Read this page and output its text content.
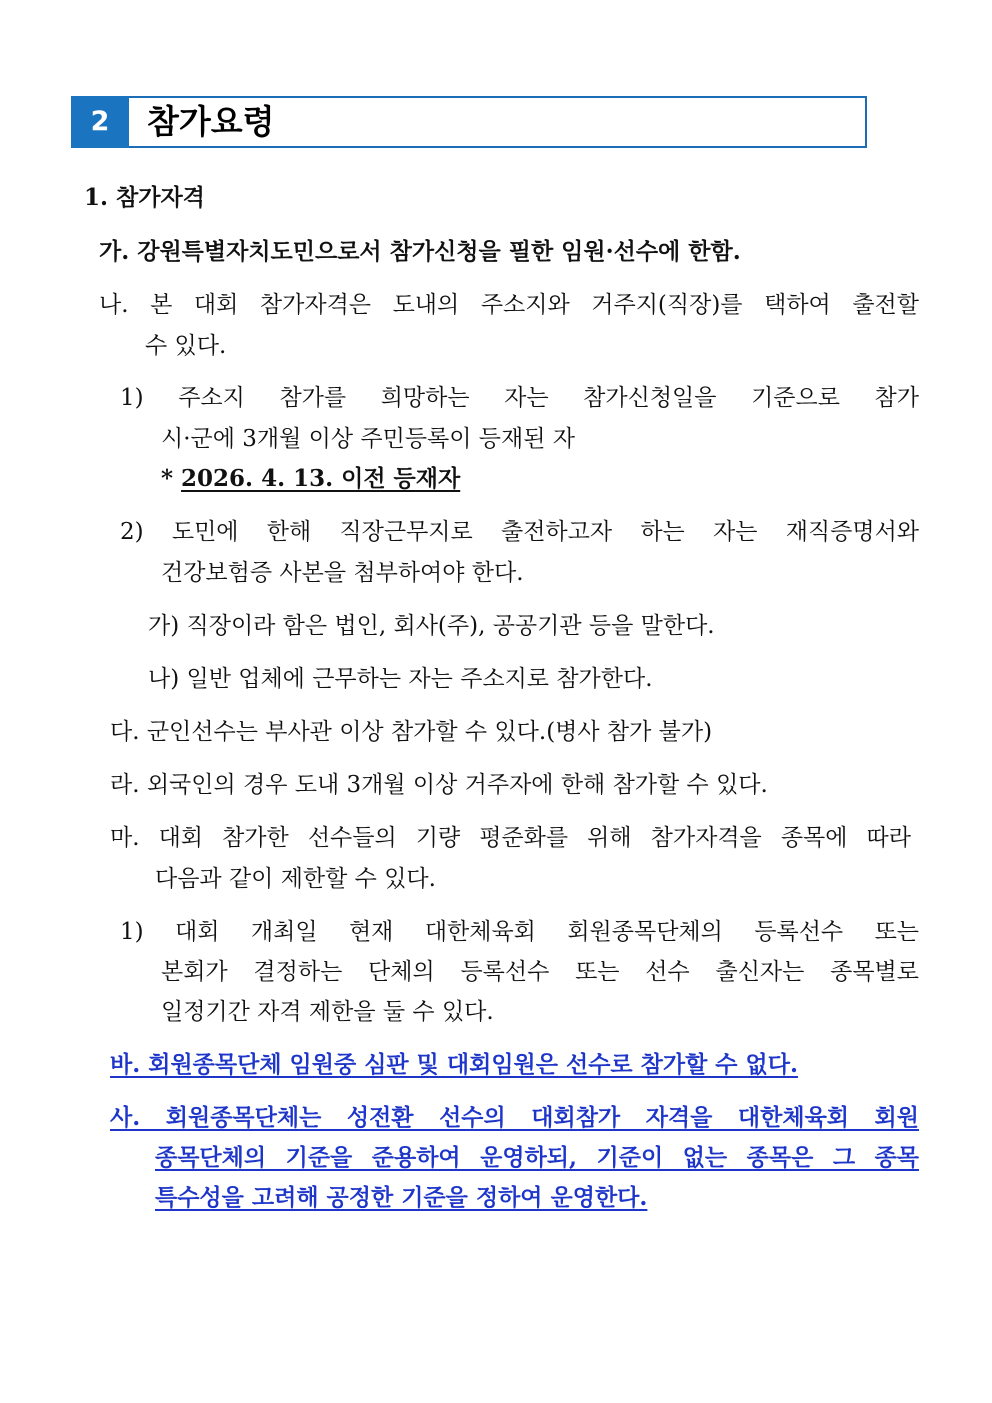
2	참가요령
1. 참가자격
가. 강원특별자치도민으로서 참가신청을 필한 임원·선수에 한함.
나. 본 대회 참가자격은 도내의 주소지와 거주지(직장)를 택하여 출전할
수 있다.
1) 주소지 참가를 희망하는 자는 참가신청일을 기준으로 참가
시·군에 3개월 이상 주민등록이 등재된 자
* 2026. 4. 13. 이전 등재자
2) 도민에 한해 직장근무지로 출전하고자 하는 자는 재직증명서와
건강보험증 사본을 첨부하여야 한다.
가) 직장이라 함은 법인, 회사(주), 공공기관 등을 말한다.
나) 일반 업체에 근무하는 자는 주소지로 참가한다.
다. 군인선수는 부사관 이상 참가할 수 있다.(병사 참가 불가)
라. 외국인의 경우 도내 3개월 이상 거주자에 한해 참가할 수 있다.
마. 대회 참가한 선수들의 기량 평준화를 위해 참가자격을 종목에 따라
다음과 같이 제한할 수 있다.
1) 대회 개최일 현재 대한체육회 회원종목단체의 등록선수 또는
본회가 결정하는 단체의 등록선수 또는 선수 출신자는 종목별로
일정기간 자격 제한을 둘 수 있다.
바. 회원종목단체 임원중 심판 및 대회임원은 선수로 참가할 수 없다.
사. 회원종목단체는 성전환 선수의 대회참가 자격을 대한체육회 회원
종목단체의 기준을 준용하여 운영하되, 기준이 없는 종목은 그 종목
특수성을 고려해 공정한 기준을 정하여 운영한다.
